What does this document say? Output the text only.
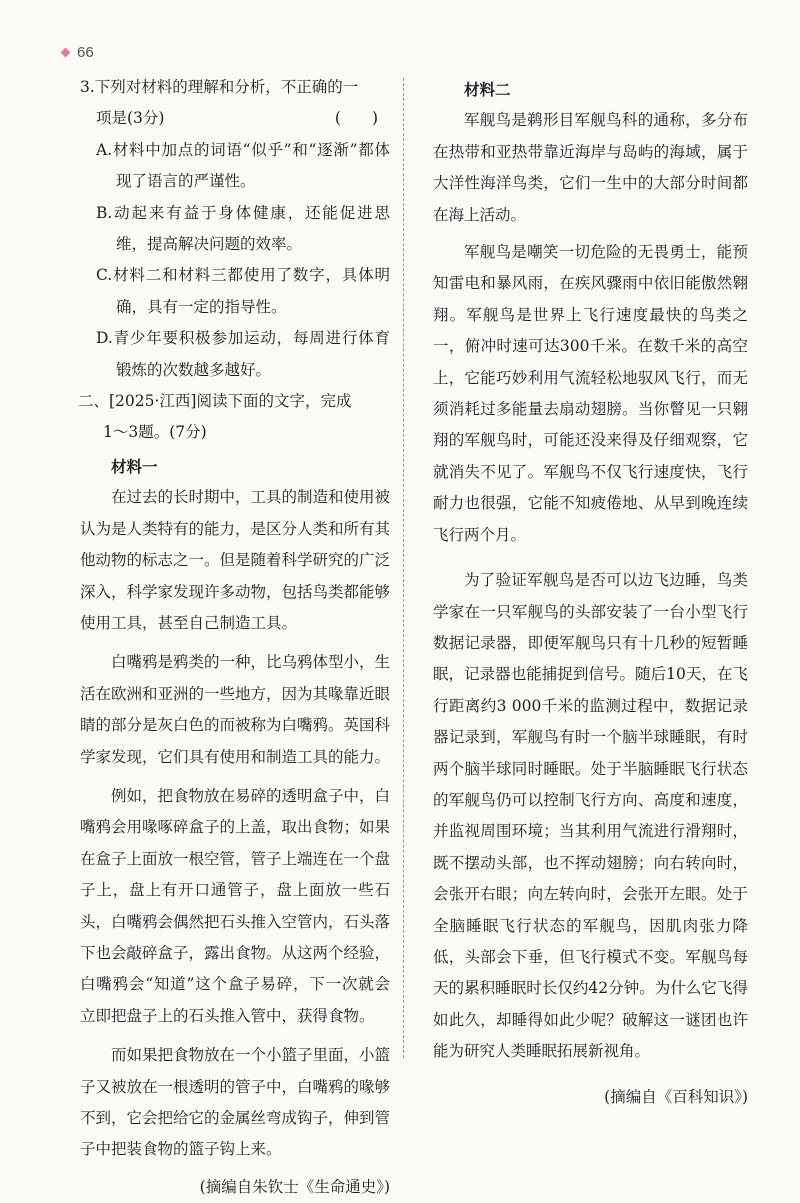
66

3.下列对材料的理解和分析，不正确的一

项是(3分)	(　　)

A.材料中加点的词语“似乎”和“逐渐”都体现了语言的严谨性。

B.动起来有益于身体健康，还能促进思维，提高解决问题的效率。

C.材料二和材料三都使用了数字，具体明确，具有一定的指导性。

D.青少年要积极参加运动，每周进行体育锻炼的次数越多越好。

二、[2025·江西]阅读下面的文字，完成

1～3题。(7分)

材料一

在过去的长时期中，工具的制造和使用被认为是人类特有的能力，是区分人类和所有其他动物的标志之一。但是随着科学研究的广泛深入，科学家发现许多动物，包括鸟类都能够使用工具，甚至自己制造工具。

白嘴鸦是鸦类的一种，比乌鸦体型小，生活在欧洲和亚洲的一些地方，因为其喙靠近眼睛的部分是灰白色的而被称为白嘴鸦。英国科学家发现，它们具有使用和制造工具的能力。

例如，把食物放在易碎的透明盒子中，白嘴鸦会用喙啄碎盒子的上盖，取出食物；如果在盒子上面放一根空管，管子上端连在一个盘子上，盘上有开口通管子，盘上面放一些石头，白嘴鸦会偶然把石头推入空管内，石头落下也会敲碎盒子，露出食物。从这两个经验，白嘴鸦会“知道”这个盒子易碎，下一次就会立即把盘子上的石头推入管中，获得食物。

而如果把食物放在一个小篮子里面，小篮子又被放在一根透明的管子中，白嘴鸦的喙够不到，它会把给它的金属丝弯成钩子，伸到管子中把装食物的篮子钩上来。

(摘编自朱钦士《生命通史》)

材料二

军舰鸟是鹈形目军舰鸟科的通称，多分布在热带和亚热带靠近海岸与岛屿的海域，属于大洋性海洋鸟类，它们一生中的大部分时间都在海上活动。

军舰鸟是嘲笑一切危险的无畏勇士，能预知雷电和暴风雨，在疾风骤雨中依旧能傲然翱翔。军舰鸟是世界上飞行速度最快的鸟类之一，俯冲时速可达300千米。在数千米的高空上，它能巧妙利用气流轻松地驭风飞行，而无须消耗过多能量去扇动翅膀。当你瞥见一只翱翔的军舰鸟时，可能还没来得及仔细观察，它就消失不见了。军舰鸟不仅飞行速度快，飞行耐力也很强，它能不知疲倦地、从早到晚连续飞行两个月。

为了验证军舰鸟是否可以边飞边睡，鸟类学家在一只军舰鸟的头部安装了一台小型飞行数据记录器，即便军舰鸟只有十几秒的短暂睡眠，记录器也能捕捉到信号。随后10天，在飞行距离约3 000千米的监测过程中，数据记录器记录到，军舰鸟有时一个脑半球睡眠，有时两个脑半球同时睡眠。处于半脑睡眠飞行状态的军舰鸟仍可以控制飞行方向、高度和速度，并监视周围环境；当其利用气流进行滑翔时，既不摆动头部，也不挥动翅膀；向右转向时，会张开右眼；向左转向时，会张开左眼。处于全脑睡眠飞行状态的军舰鸟，因肌肉张力降低，头部会下垂，但飞行模式不变。军舰鸟每天的累积睡眠时长仅约42分钟。为什么它飞得如此久，却睡得如此少呢？破解这一谜团也许能为研究人类睡眠拓展新视角。

(摘编自《百科知识》)
